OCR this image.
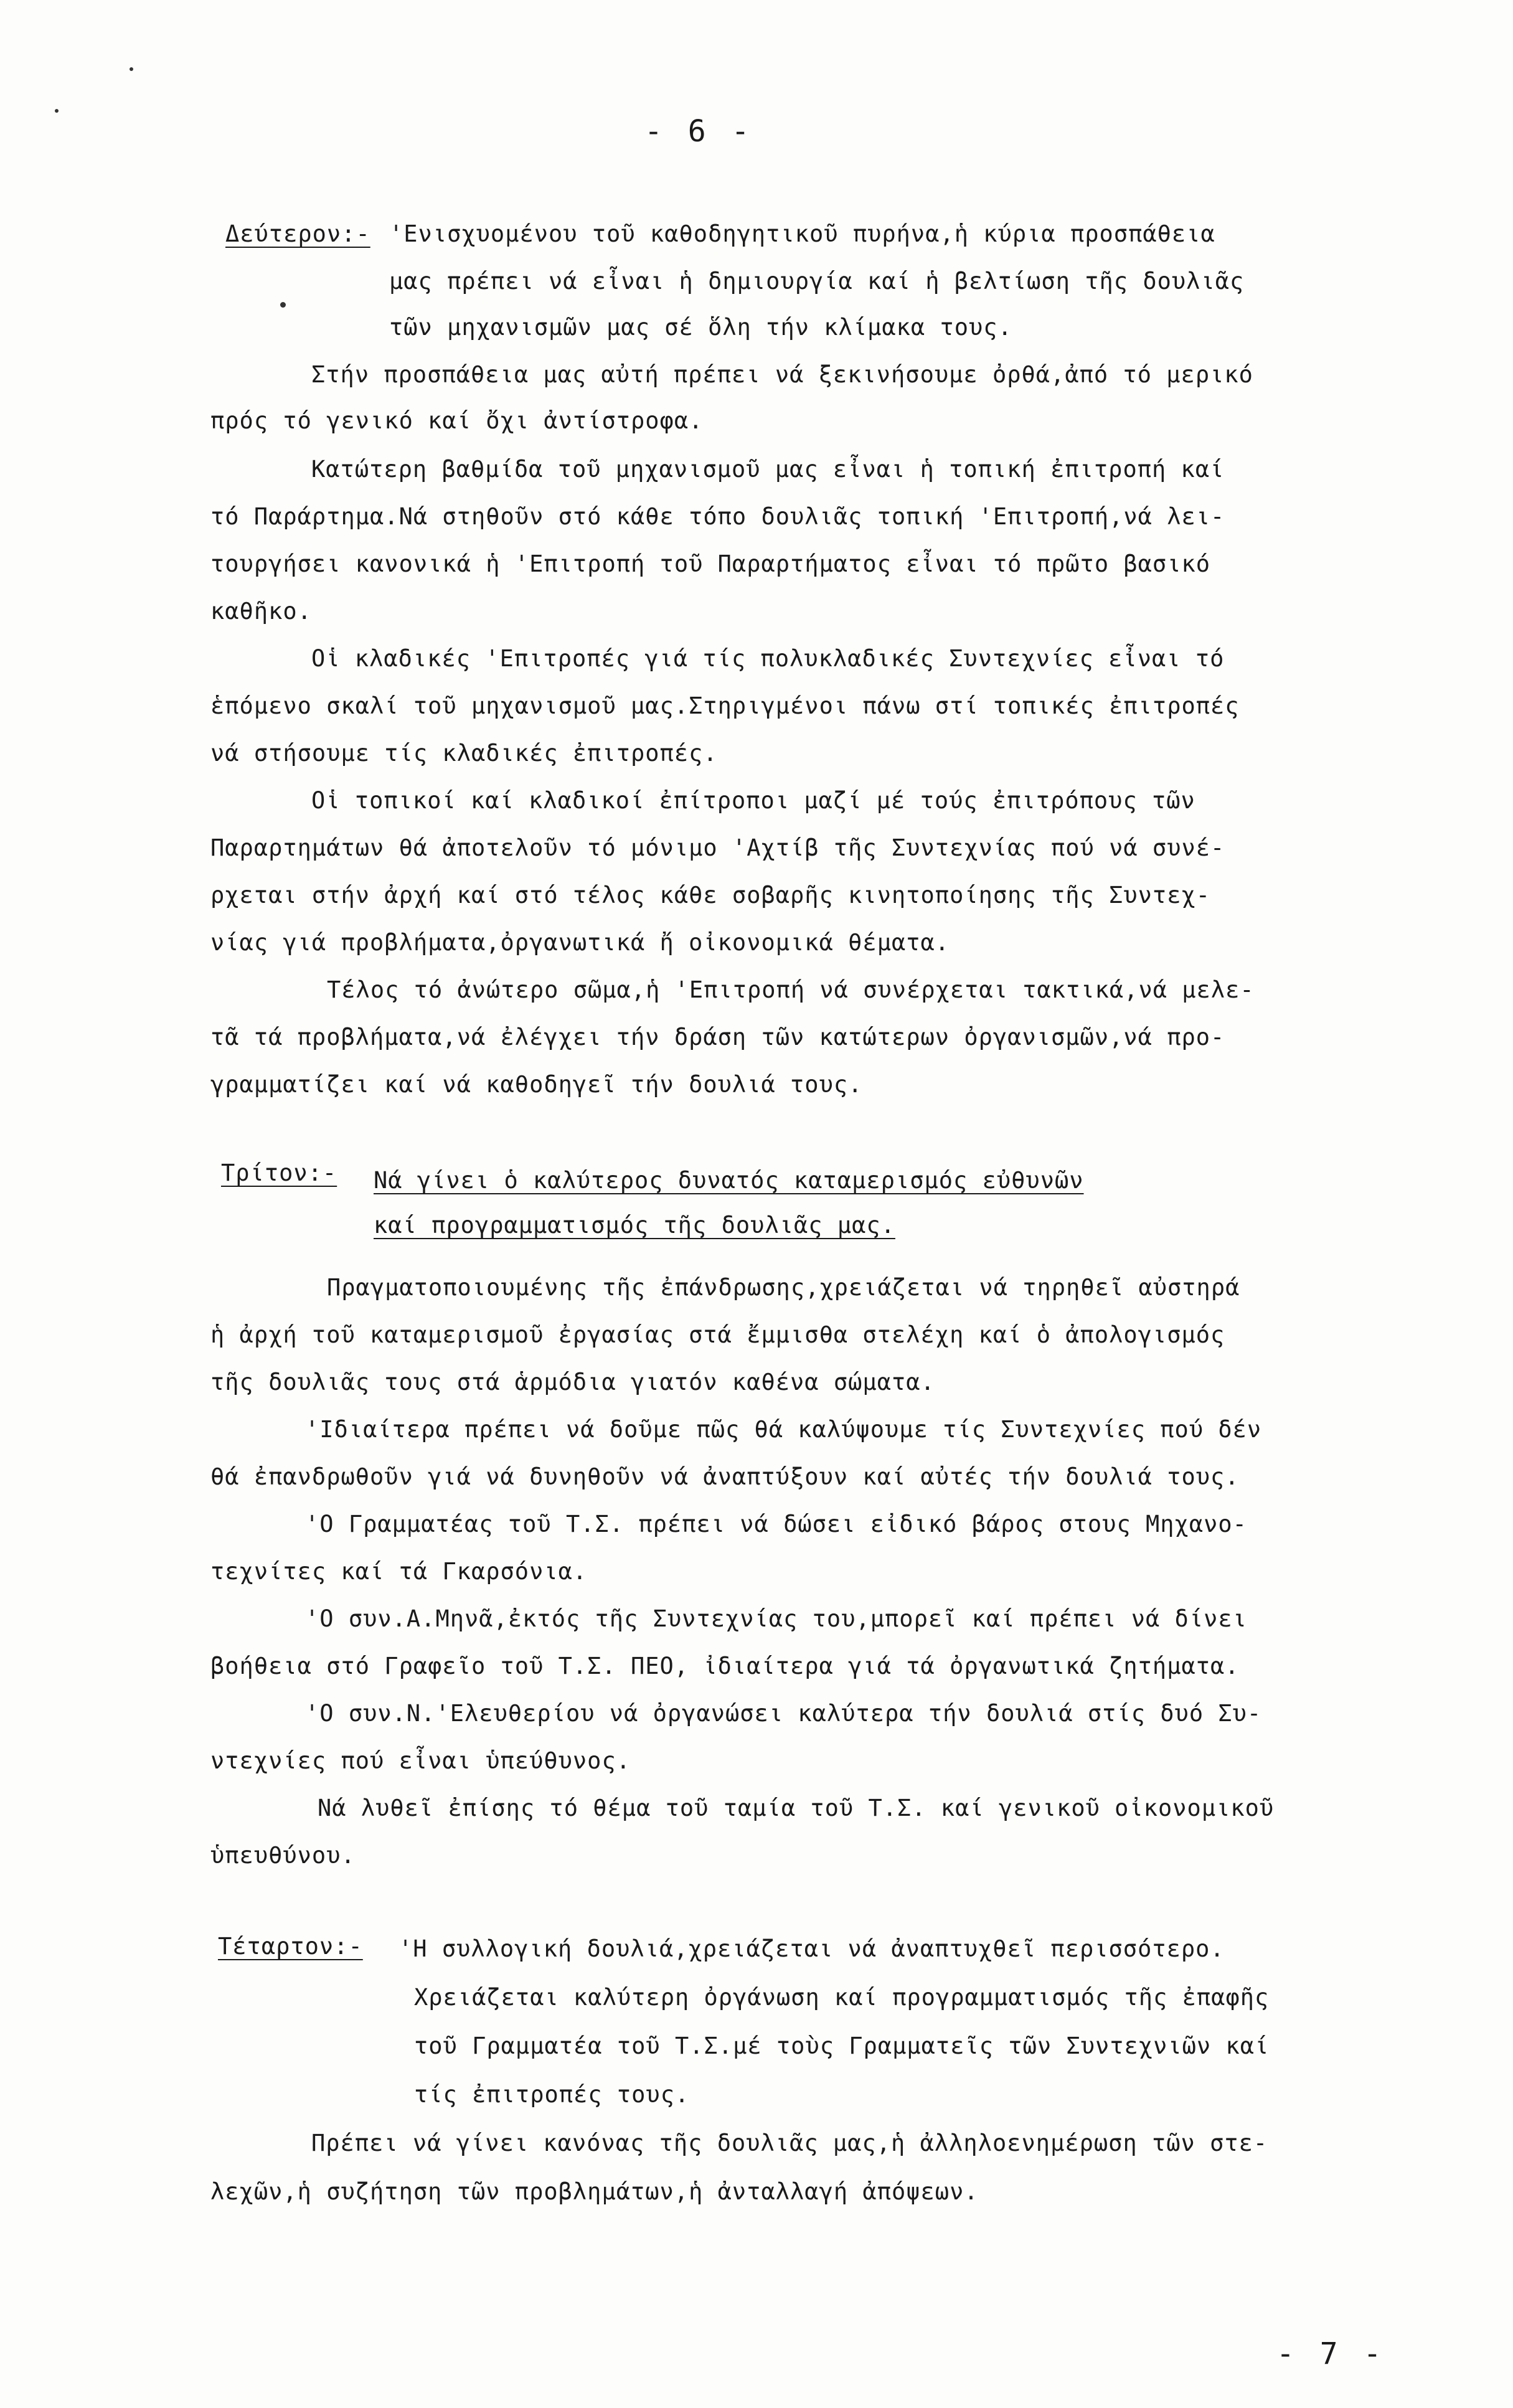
- 6 -
Δεύτερον:- 'Ενισχυομένου τοῦ καθοδηγητικοῦ πυρήνα,ἡ κύρια προσπάθεια
μας πρέπει νά εἶναι ἡ δημιουργία καί ἡ βελτίωση τῆς δουλιᾶς
τῶν μηχανισμῶν μας σέ ὅλη τήν κλίμακα τους.
Στήν προσπάθεια μας αὐτή πρέπει νά ξεκινήσουμε ὀρθά,ἀπό τό μερικό
πρός τό γενικό καί ὄχι ἀντίστροφα.
Κατώτερη βαθμίδα τοῦ μηχανισμοῦ μας εἶναι ἡ τοπική ἐπιτροπή καί
τό Παράρτημα.Νά στηθοῦν στό κάθε τόπο δουλιᾶς τοπική 'Επιτροπή,νά λει-
τουργήσει κανονικά ἡ 'Επιτροπή τοῦ Παραρτήματος εἶναι τό πρῶτο βασικό
καθῆκο.
Οἱ κλαδικές 'Επιτροπές γιά τίς πολυκλαδικές Συντεχνίες εἶναι τό
ἑπόμενο σκαλί τοῦ μηχανισμοῦ μας.Στηριγμένοι πάνω στί τοπικές ἐπιτροπές
νά στήσουμε τίς κλαδικές ἐπιτροπές.
Οἱ τοπικοί καί κλαδικοί ἐπίτροποι μαζί μέ τούς ἐπιτρόπους τῶν
Παραρτημάτων θά ἀποτελοῦν τό μόνιμο 'Αχτίβ τῆς Συντεχνίας πού νά συνέ-
ρχεται στήν ἀρχή καί στό τέλος κάθε σοβαρῆς κινητοποίησης τῆς Συντεχ-
νίας γιά προβλήματα,ὀργανωτικά ἤ οἰκονομικά θέματα.
Τέλος τό ἀνώτερο σῶμα,ἡ 'Επιτροπή νά συνέρχεται τακτικά,νά μελε-
τᾶ τά προβλήματα,νά ἐλέγχει τήν δράση τῶν κατώτερων ὀργανισμῶν,νά προ-
γραμματίζει καί νά καθοδηγεῖ τήν δουλιά τους.
Τρίτον:- Νά γίνει ὁ καλύτερος δυνατός καταμερισμός εὐθυνῶν
καί προγραμματισμός τῆς δουλιᾶς μας.
Πραγματοποιουμένης τῆς ἐπάνδρωσης,χρειάζεται νά τηρηθεῖ αὐστηρά
ἡ ἀρχή τοῦ καταμερισμοῦ ἐργασίας στά ἔμμισθα στελέχη καί ὁ ἀπολογισμός
τῆς δουλιᾶς τους στά ἁρμόδια γιατόν καθένα σώματα.
'Ιδιαίτερα πρέπει νά δοῦμε πῶς θά καλύψουμε τίς Συντεχνίες πού δέν
θά ἐπανδρωθοῦν γιά νά δυνηθοῦν νά ἀναπτύξουν καί αὐτές τήν δουλιά τους.
'Ο Γραμματέας τοῦ Τ.Σ. πρέπει νά δώσει εἰδικό βάρος στους Μηχανο-
τεχνίτες καί τά Γκαρσόνια.
'Ο συν.Α.Μηνᾶ,ἐκτός τῆς Συντεχνίας του,μπορεῖ καί πρέπει νά δίνει
βοήθεια στό Γραφεῖο τοῦ Τ.Σ. ΠΕΟ, ἰδιαίτερα γιά τά ὀργανωτικά ζητήματα.
'Ο συν.Ν.'Ελευθερίου νά ὀργανώσει καλύτερα τήν δουλιά στίς δυό Συ-
ντεχνίες πού εἶναι ὑπεύθυνος.
Νά λυθεῖ ἐπίσης τό θέμα τοῦ ταμία τοῦ Τ.Σ. καί γενικοῦ οἰκονομικοῦ
ὑπευθύνου.
Τέταρτον:- 'Η συλλογική δουλιά,χρειάζεται νά ἀναπτυχθεῖ περισσότερο.
Χρειάζεται καλύτερη ὀργάνωση καί προγραμματισμός τῆς ἐπαφῆς
τοῦ Γραμματέα τοῦ Τ.Σ.μέ τοὺς Γραμματεῖς τῶν Συντεχνιῶν καί
τίς ἐπιτροπές τους.
Πρέπει νά γίνει κανόνας τῆς δουλιᾶς μας,ἡ ἀλληλοενημέρωση τῶν στε-
λεχῶν,ἡ συζήτηση τῶν προβλημάτων,ἡ ἀνταλλαγή ἀπόψεων.
- 7 -
